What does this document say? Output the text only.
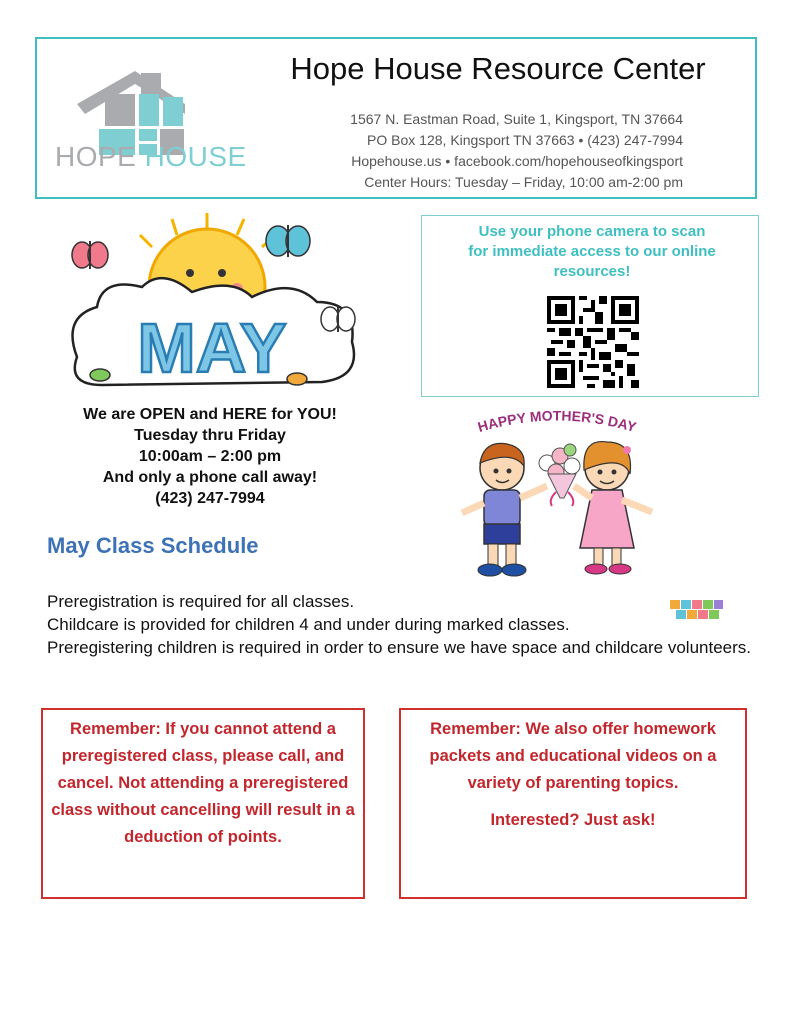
HOPE HOUSE
Hope House Resource Center
1567 N. Eastman Road, Suite 1, Kingsport, TN 37664
PO Box 128, Kingsport TN 37663 • (423) 247-7994
Hopehouse.us • facebook.com/hopehouseofkingsport
Center Hours: Tuesday – Friday, 10:00 am-2:00 pm
MAY
Use your phone camera to scan
for immediate access to our online
resources!
We are OPEN and HERE for YOU!
Tuesday thru Friday
10:00am – 2:00 pm
And only a phone call away!
(423) 247-7994
HAPPY MOTHER'S DAY
May Class Schedule

Preregistration is required for all classes.

Childcare is provided for children 4 and under during marked classes.

Preregistering children is required in order to ensure we have space and childcare volunteers.

Remember: If you cannot attend a preregistered class, please call, and cancel. Not attending a preregistered class without cancelling will result in a deduction of points.

Remember: We also offer homework packets and educational videos on a variety of parenting topics.

Interested? Just ask!
